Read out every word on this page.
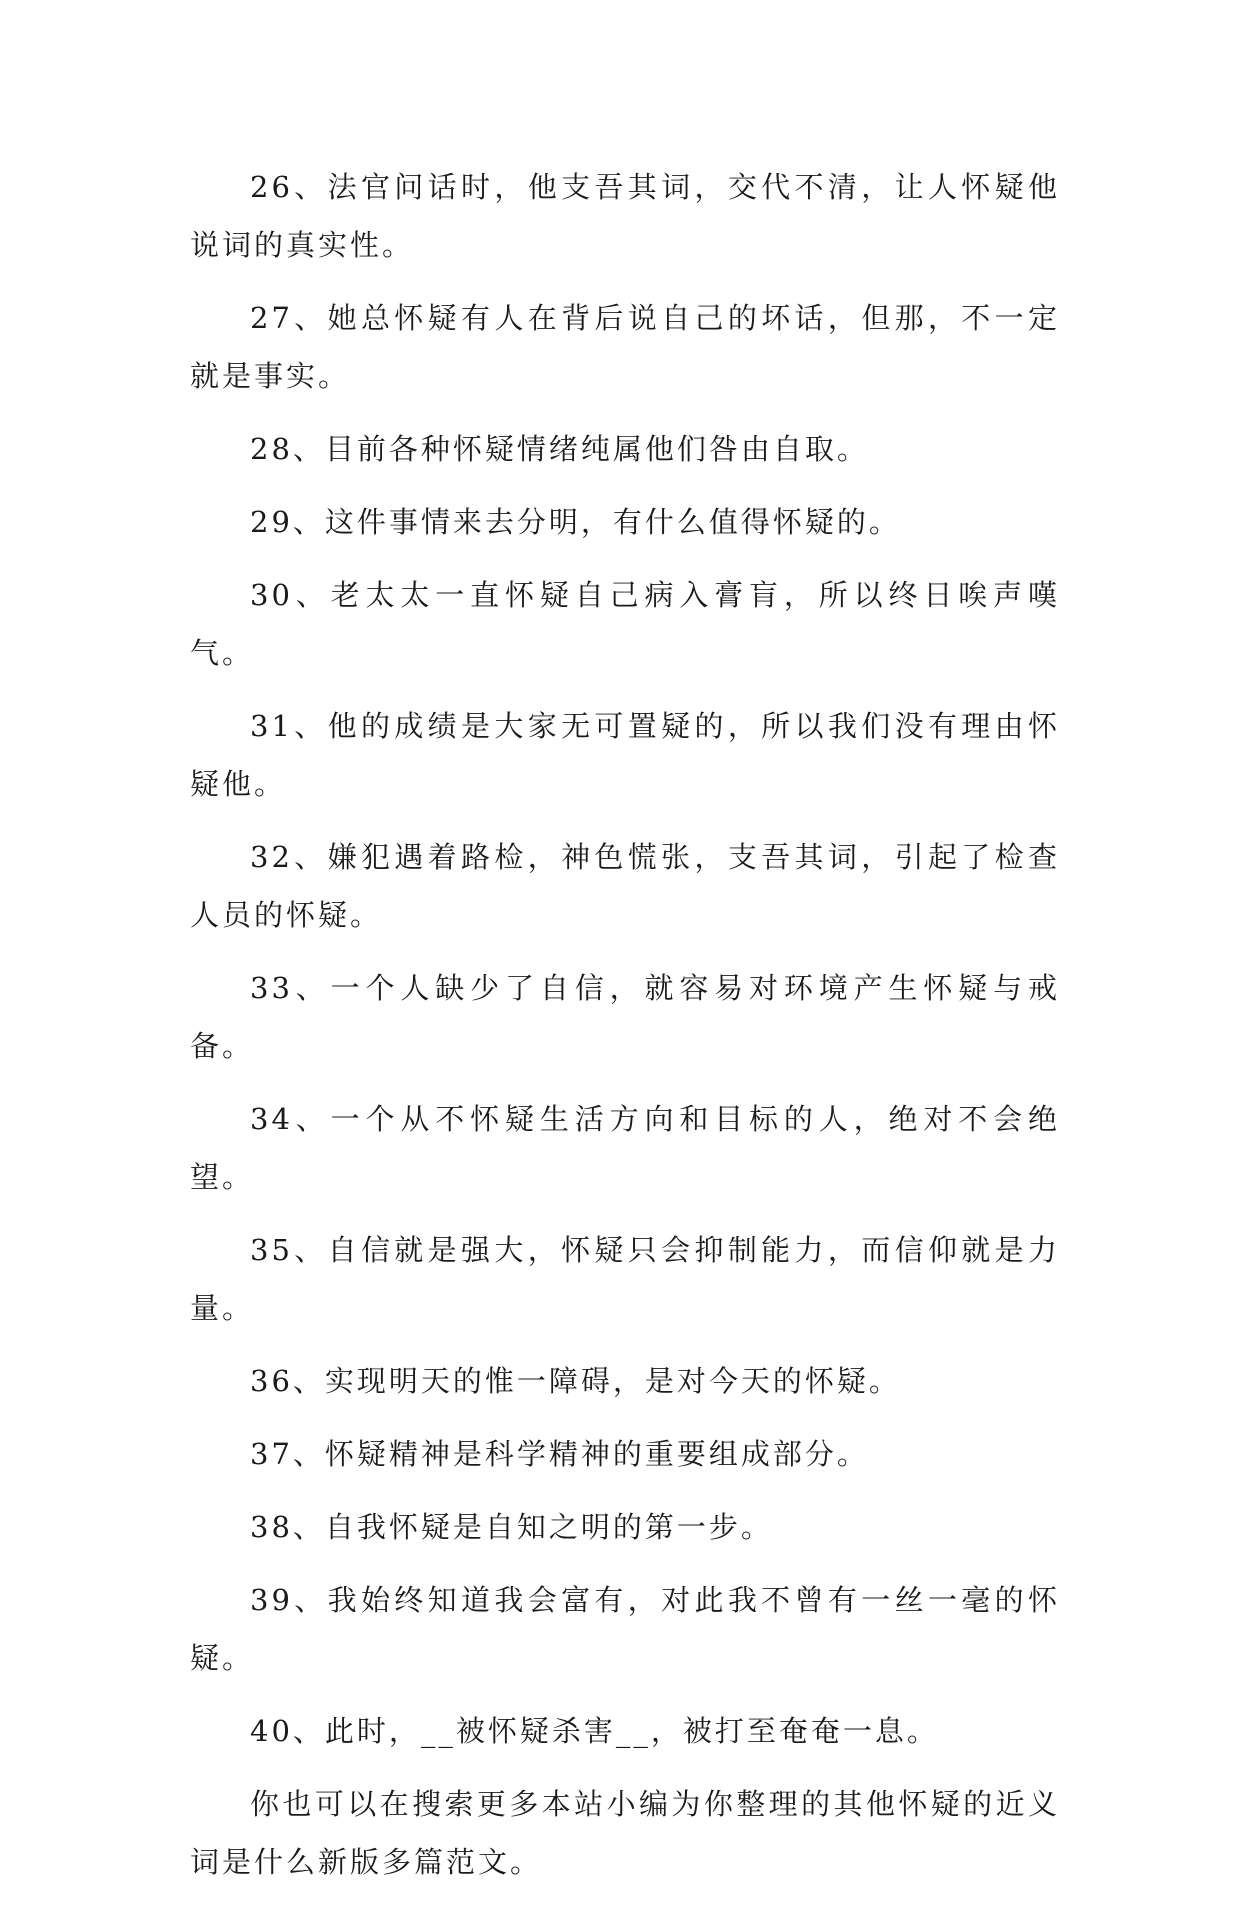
26、法官问话时，他支吾其词，交代不清，让人怀疑他说词的真实性。

27、她总怀疑有人在背后说自己的坏话，但那，不一定就是事实。

28、目前各种怀疑情绪纯属他们咎由自取。

29、这件事情来去分明，有什么值得怀疑的。

30、老太太一直怀疑自己病入膏肓，所以终日唉声嘆气。

31、他的成绩是大家无可置疑的，所以我们没有理由怀疑他。

32、嫌犯遇着路检，神色慌张，支吾其词，引起了检查人员的怀疑。

33、一个人缺少了自信，就容易对环境产生怀疑与戒备。

34、一个从不怀疑生活方向和目标的人，绝对不会绝望。

35、自信就是强大，怀疑只会抑制能力，而信仰就是力量。

36、实现明天的惟一障碍，是对今天的怀疑。

37、怀疑精神是科学精神的重要组成部分。

38、自我怀疑是自知之明的第一步。

39、我始终知道我会富有，对此我不曾有一丝一毫的怀疑。

40、此时，__被怀疑杀害__，被打至奄奄一息。

你也可以在搜索更多本站小编为你整理的其他怀疑的近义词是什么新版多篇范文。
